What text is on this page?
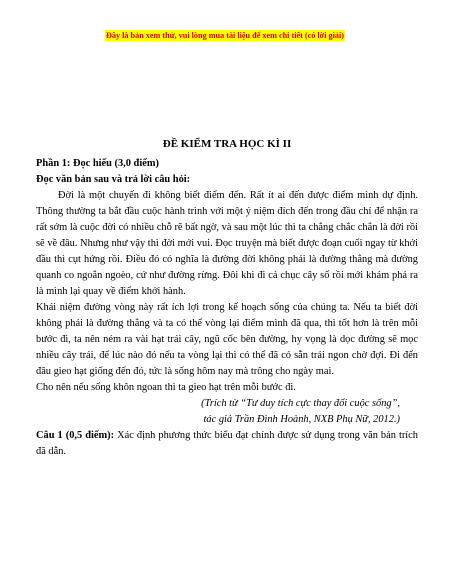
Đây là bản xem thử, vui lòng mua tài liệu để xem chi tiết (có lời giải)
ĐỀ KIỂM TRA HỌC KÌ II

Phần 1: Đọc hiểu (3,0 điểm)

Đọc văn bản sau và trả lời câu hỏi:

Đời là một chuyến đi không biết điểm đến. Rất ít ai đến được điểm mình dự định. Thông thường ta bắt đầu cuộc hành trình với một ý niệm đích đến trong đầu chỉ để nhận ra rất sớm là cuộc đời có nhiều chỗ rẽ bất ngờ, và sau một lúc thì ta chẳng chắc chắn là đời rồi sẽ về đâu. Nhưng như vậy thì đời mới vui. Đọc truyện mà biết được đoạn cuối ngay từ khởi đầu thì cụt hứng rồi. Điều đó có nghĩa là đường đời không phải là đường thẳng mà đường quanh co ngoắn ngoèo, cứ như đường rừng. Đôi khi đi cả chục cây số rồi mới khám phá ra là mình lại quay về điểm khởi hành.

Khái niệm đường vòng này rất ích lợi trong kế hoạch sống của chúng ta. Nếu ta biết đời không phải là đường thẳng và ta có thể vòng lại điểm mình đã qua, thì tốt hơn là trên mỗi bước đi, ta nên ném ra vài hạt trái cây, ngũ cốc bên đường, hy vọng là dọc đường sẽ mọc nhiều cây trái, để lúc nào đó nếu ta vòng lại thì có thể đã có sẵn trái ngon chờ đợi. Đi đến đâu gieo hạt giống đến đó, tức là sống hôm nay mà trông cho ngày mai.

Cho nên nếu sống khôn ngoan thì ta gieo hạt trên mỗi bước đi.

(Trích từ “Tư duy tích cực thay đổi cuộc sống”,

tác giả Trần Đình Hoành, NXB Phụ Nữ, 2012.)

Câu 1 (0,5 điểm): Xác định phương thức biểu đạt chính được sử dụng trong văn bản trích đã dẫn.
